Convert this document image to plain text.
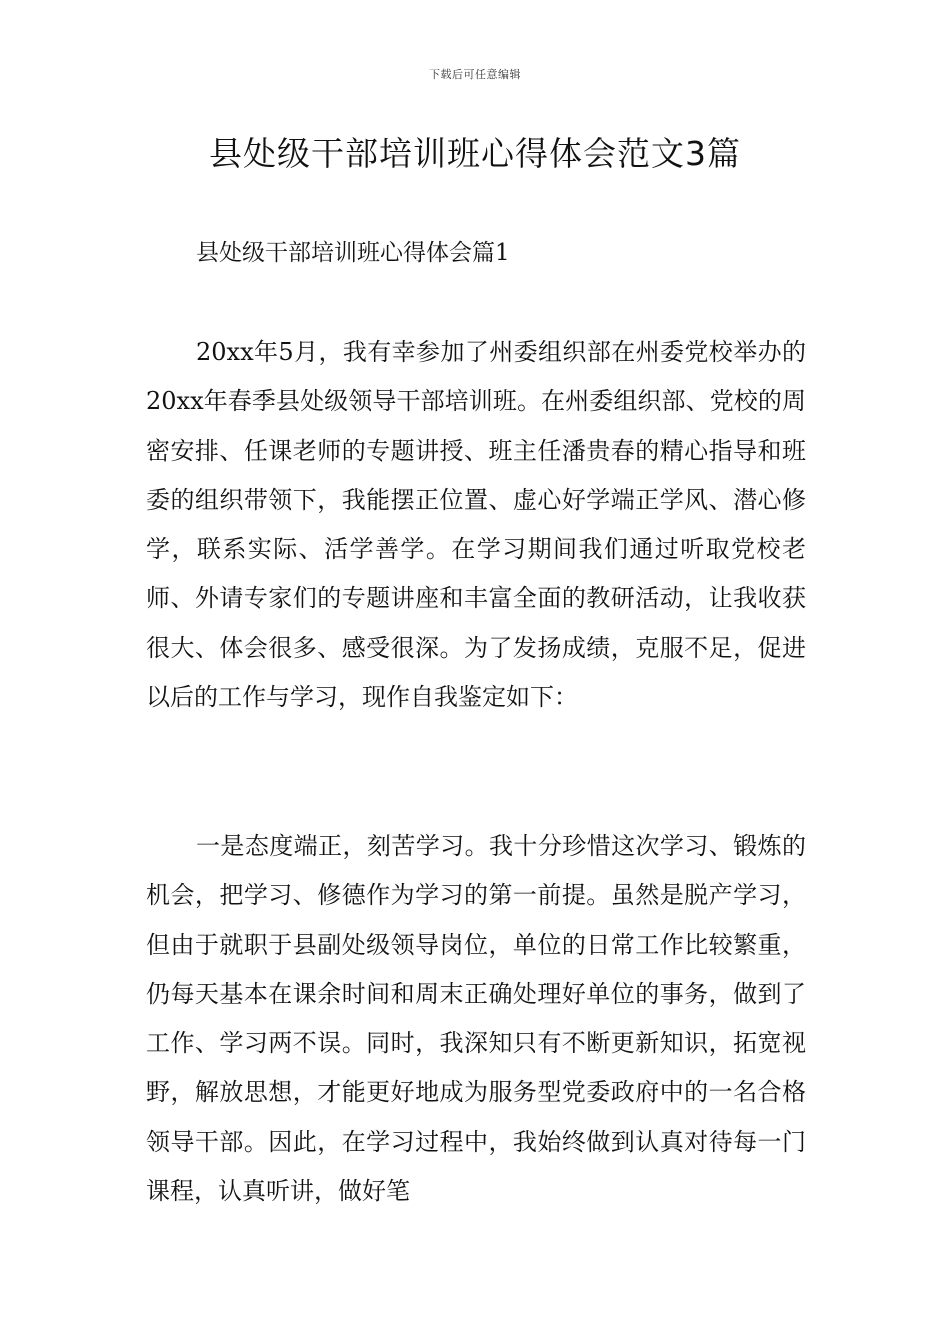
下载后可任意编辑
县处级干部培训班心得体会范文3篇
县处级干部培训班心得体会篇1

20xx年5月，我有幸参加了州委组织部在州委党校举办的20xx年春季县处级领导干部培训班。在州委组织部、党校的周密安排、任课老师的专题讲授、班主任潘贵春的精心指导和班委的组织带领下，我能摆正位置、虚心好学端正学风、潜心修学，联系实际、活学善学。在学习期间我们通过听取党校老师、外请专家们的专题讲座和丰富全面的教研活动，让我收获很大、体会很多、感受很深。为了发扬成绩，克服不足，促进以后的工作与学习，现作自我鉴定如下：

一是态度端正，刻苦学习。我十分珍惜这次学习、锻炼的机会，把学习、修德作为学习的第一前提。虽然是脱产学习，但由于就职于县副处级领导岗位，单位的日常工作比较繁重，仍每天基本在课余时间和周末正确处理好单位的事务，做到了工作、学习两不误。同时，我深知只有不断更新知识，拓宽视野，解放思想，才能更好地成为服务型党委政府中的一名合格领导干部。因此，在学习过程中，我始终做到认真对待每一门课程，认真听讲，做好笔
